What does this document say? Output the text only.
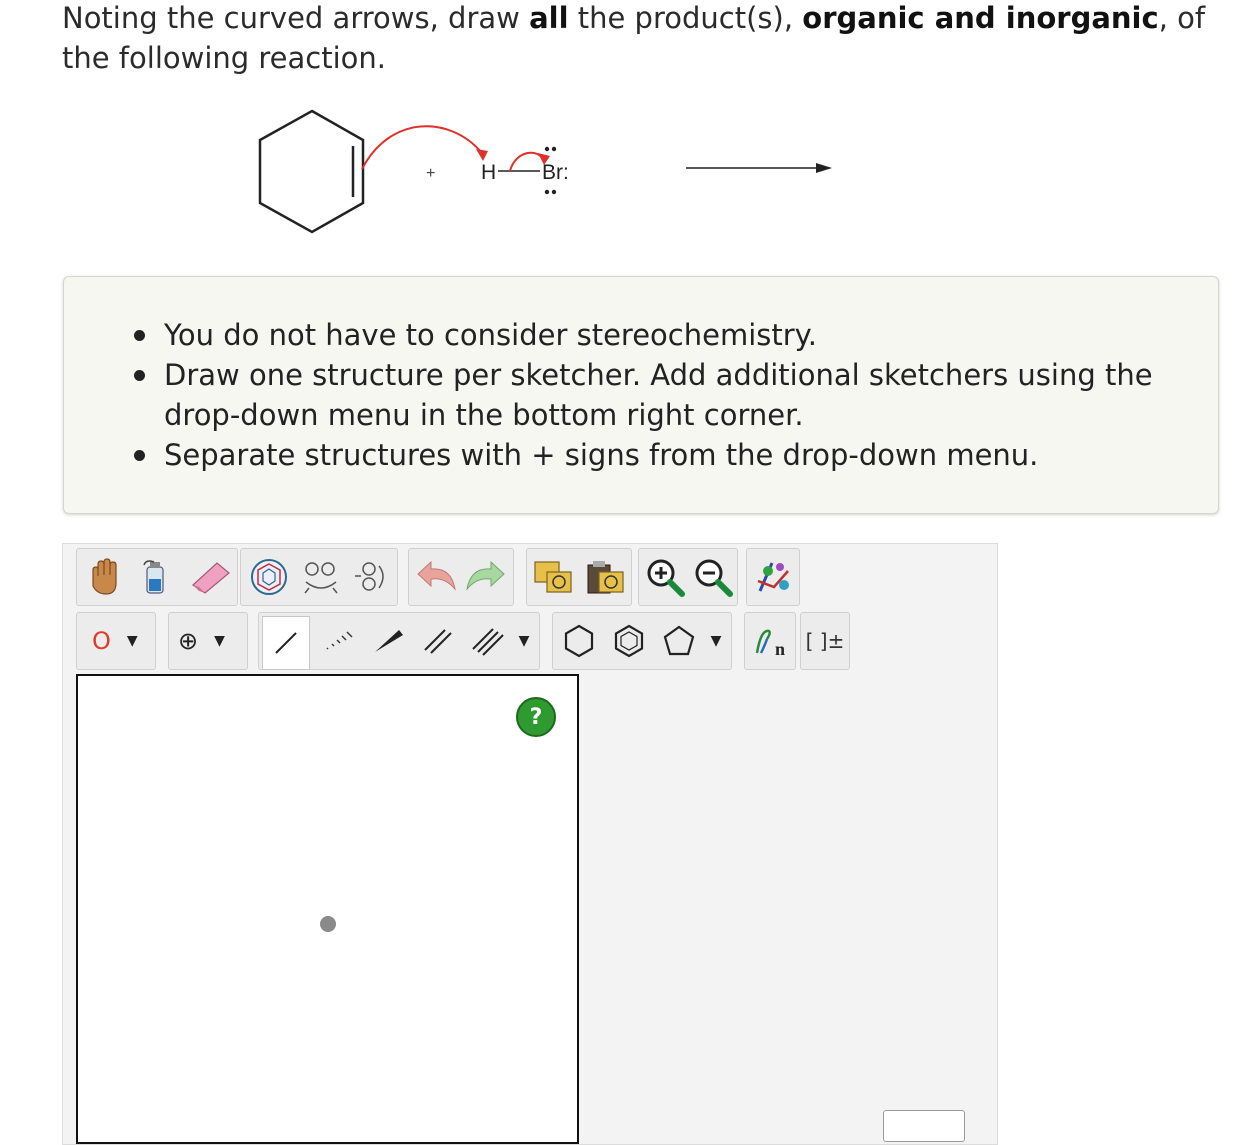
Noting the curved arrows, draw all the product(s), organic and inorganic, of the following reaction.
+ H Br:
You do not have to consider stereochemistry.
Draw one structure per sketcher. Add additional sketchers using the drop-down menu in the bottom right corner.
Separate structures with + signs from the drop-down menu.
O ▼ ⊕ ▼	▼	▼	n [ ]±
?
